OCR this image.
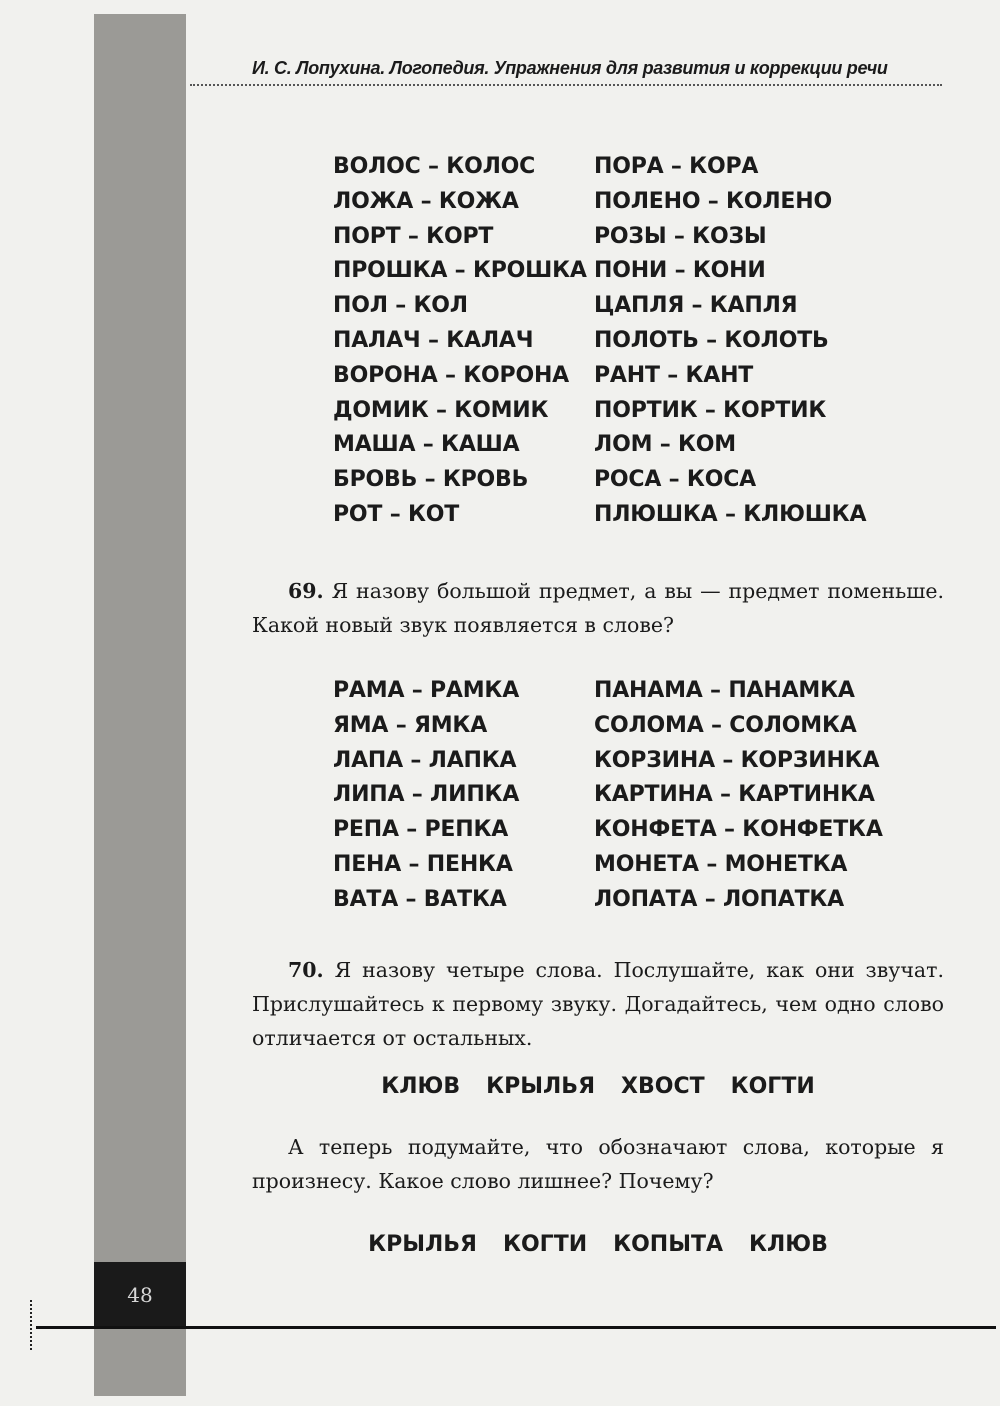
48
И. С. Лопухина. Логопедия. Упражнения для развития и коррекции речи
ВОЛОС – КОЛОС
ЛОЖА – КОЖА
ПОРТ – КОРТ
ПРОШКА – КРОШКА
ПОЛ – КОЛ
ПАЛАЧ – КАЛАЧ
ВОРОНА – КОРОНА
ДОМИК – КОМИК
МАША – КАША
БРОВЬ – КРОВЬ
РОТ – КОТ
ПОРА – КОРА
ПОЛЕНО – КОЛЕНО
РОЗЫ – КОЗЫ
ПОНИ – КОНИ
ЦАПЛЯ – КАПЛЯ
ПОЛОТЬ – КОЛОТЬ
РАНТ – КАНТ
ПОРТИК – КОРТИК
ЛОМ – КОМ
РОСА – КОСА
ПЛЮШКА – КЛЮШКА

69. Я назову большой предмет, а вы — предмет поменьше. Какой новый звук появляется в слове?

РАМА – РАМКА
ЯМА – ЯМКА
ЛАПА – ЛАПКА
ЛИПА – ЛИПКА
РЕПА – РЕПКА
ПЕНА – ПЕНКА
ВАТА – ВАТКА
ПАНАМА – ПАНАМКА
СОЛОМА – СОЛОМКА
КОРЗИНА – КОРЗИНКА
КАРТИНА – КАРТИНКА
КОНФЕТА – КОНФЕТКА
МОНЕТА – МОНЕТКА
ЛОПАТА – ЛОПАТКА

70. Я назову четыре слова. Послушайте, как они звучат. Прислушайтесь к первому звуку. Догадайтесь, чем одно слово отличается от остальных.

КЛЮВ КРЫЛЬЯ ХВОСТ КОГТИ

А теперь подумайте, что обозначают слова, которые я произнесу. Какое слово лишнее? Почему?

КРЫЛЬЯ КОГТИ КОПЫТА КЛЮВ
